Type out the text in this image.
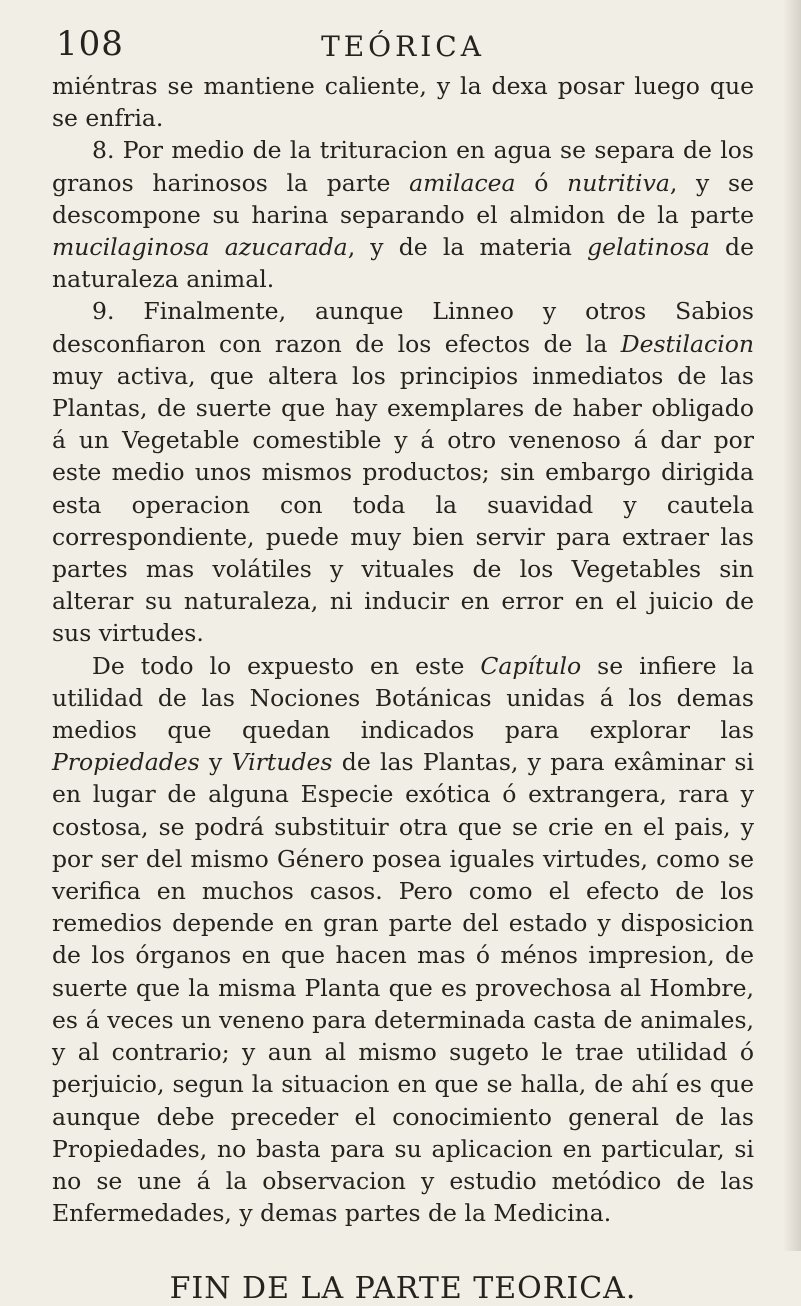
108	TEÓRICA

miéntras se mantiene caliente, y la dexa posar luego que se enfria.

8. Por medio de la trituracion en agua se separa de los granos harinosos la parte amilacea ó nutritiva, y se descompone su harina separando el almidon de la parte mucilaginosa azucarada, y de la materia gelatinosa de naturaleza animal.

9. Finalmente, aunque Linneo y otros Sabios desconfiaron con razon de los efectos de la Destilacion muy activa, que altera los principios inmediatos de las Plantas, de suerte que hay exemplares de haber obligado á un Vegetable comestible y á otro venenoso á dar por este medio unos mismos productos; sin embargo dirigida esta operacion con toda la suavidad y cautela correspondiente, puede muy bien servir para extraer las partes mas volátiles y vituales de los Vegetables sin alterar su naturaleza, ni inducir en error en el juicio de sus virtudes.

De todo lo expuesto en este Capítulo se infiere la utilidad de las Nociones Botánicas unidas á los demas medios que quedan indicados para explorar las Propiedades y Virtudes de las Plantas, y para exâminar si en lugar de alguna Especie exótica ó extrangera, rara y costosa, se podrá substituir otra que se crie en el pais, y por ser del mismo Género posea iguales virtudes, como se verifica en muchos casos. Pero como el efecto de los remedios depende en gran parte del estado y disposicion de los órganos en que hacen mas ó ménos impresion, de suerte que la misma Planta que es provechosa al Hombre, es á veces un veneno para determinada casta de animales, y al contrario; y aun al mismo sugeto le trae utilidad ó perjuicio, segun la situacion en que se halla, de ahí es que aunque debe preceder el conocimiento general de las Propiedades, no basta para su aplicacion en particular, si no se une á la observacion y estudio metódico de las Enfermedades, y demas partes de la Medicina.

FIN DE LA PARTE TEORICA.
